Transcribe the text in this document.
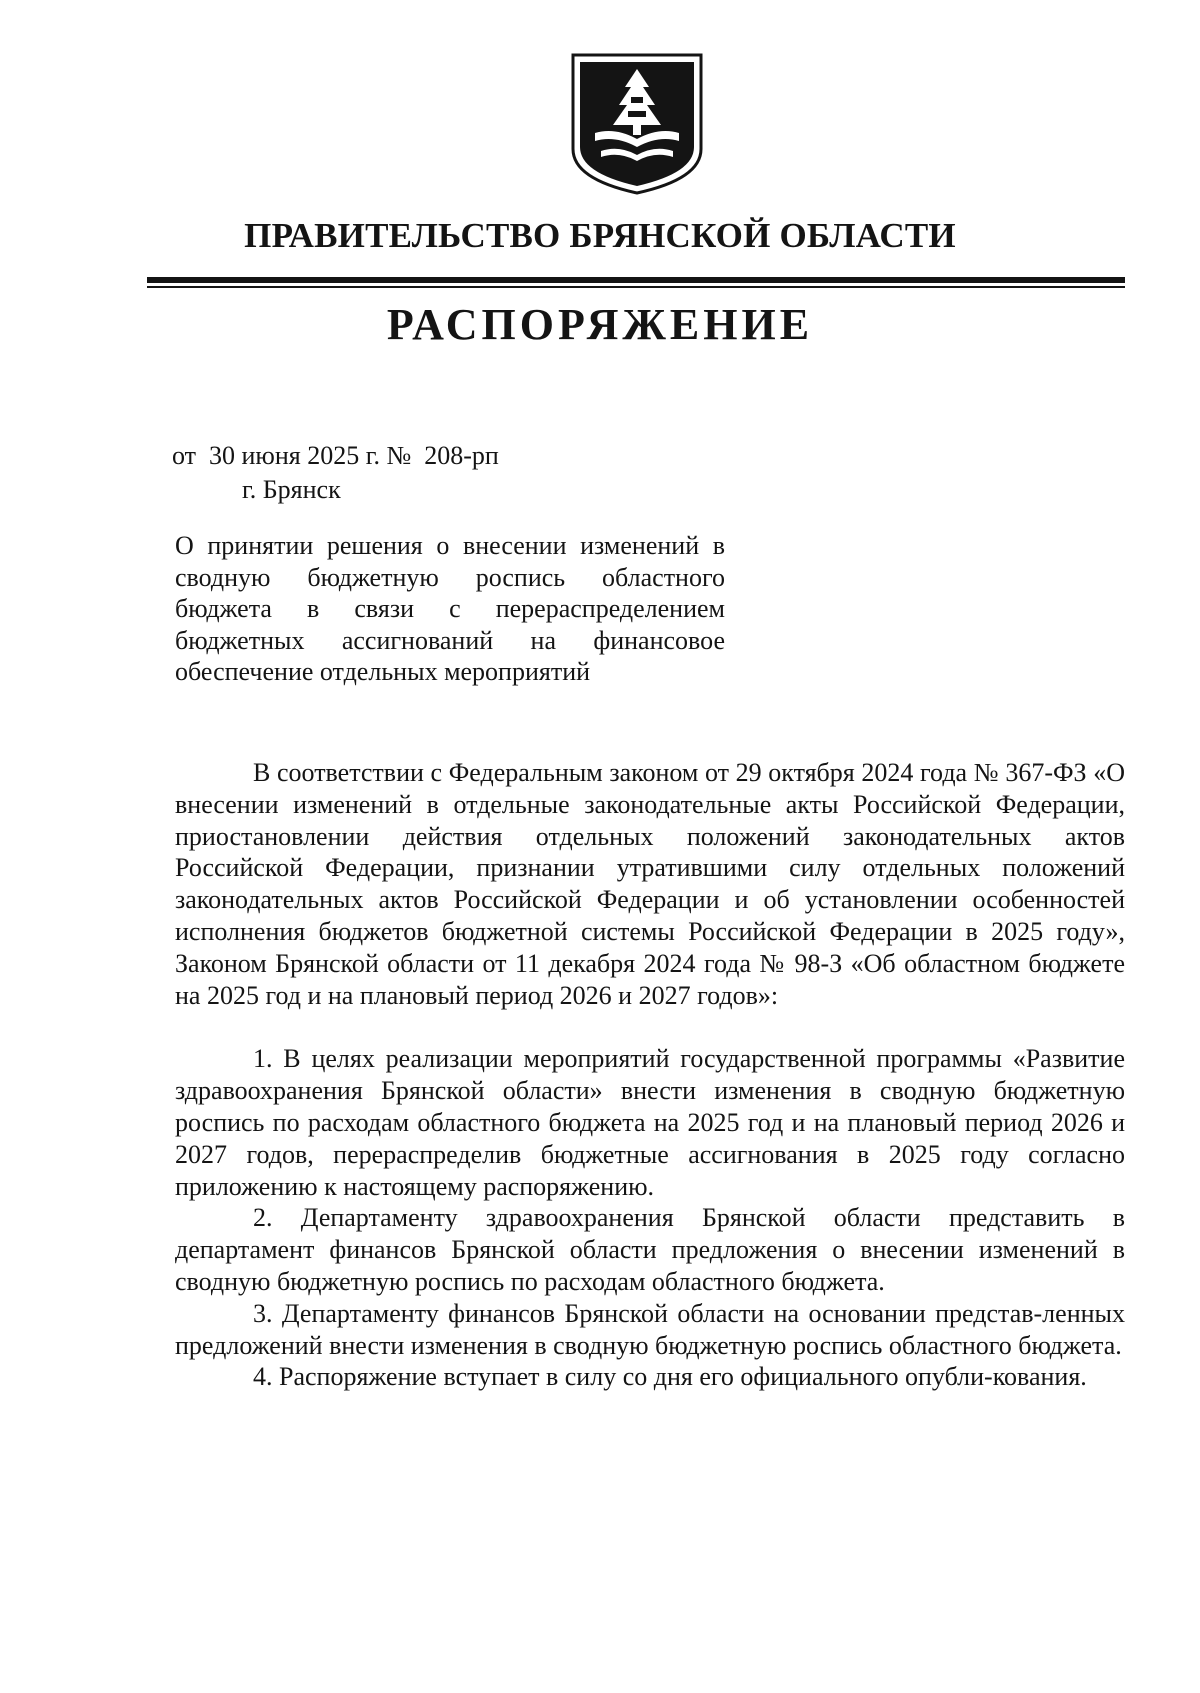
ПРАВИТЕЛЬСТВО БРЯНСКОЙ ОБЛАСТИ
РАСПОРЯЖЕНИЕ
от  30 июня 2025 г. №  208-рп
г. Брянск
О принятии решения о внесении изменений в сводную бюджетную роспись областного бюджета в связи с перераспределением бюджетных ассигнований на финансовое обеспечение отдельных мероприятий

В соответствии с Федеральным законом от 29 октября 2024 года № 367-ФЗ «О внесении изменений в отдельные законодательные акты Российской Федерации, приостановлении действия отдельных положений законодательных актов Российской Федерации, признании утратившими силу отдельных положений законодательных актов Российской Федерации и об установлении особенностей исполнения бюджетов бюджетной системы Российской Федерации в 2025 году», Законом Брянской области от 11 декабря 2024 года № 98-З «Об областном бюджете на 2025 год и на плановый период 2026 и 2027 годов»:

1. В целях реализации мероприятий государственной программы «Развитие здравоохранения Брянской области» внести изменения в сводную бюджетную роспись по расходам областного бюджета на 2025 год и на плановый период 2026 и 2027 годов, перераспределив бюджетные ассигнования в 2025 году согласно приложению к настоящему распоряжению.

2. Департаменту здравоохранения Брянской области представить в департамент финансов Брянской области предложения о внесении изменений в сводную бюджетную роспись по расходам областного бюджета.

3. Департаменту финансов Брянской области на основании представ-ленных предложений внести изменения в сводную бюджетную роспись областного бюджета.

4. Распоряжение вступает в силу со дня его официального опубли-кования.
